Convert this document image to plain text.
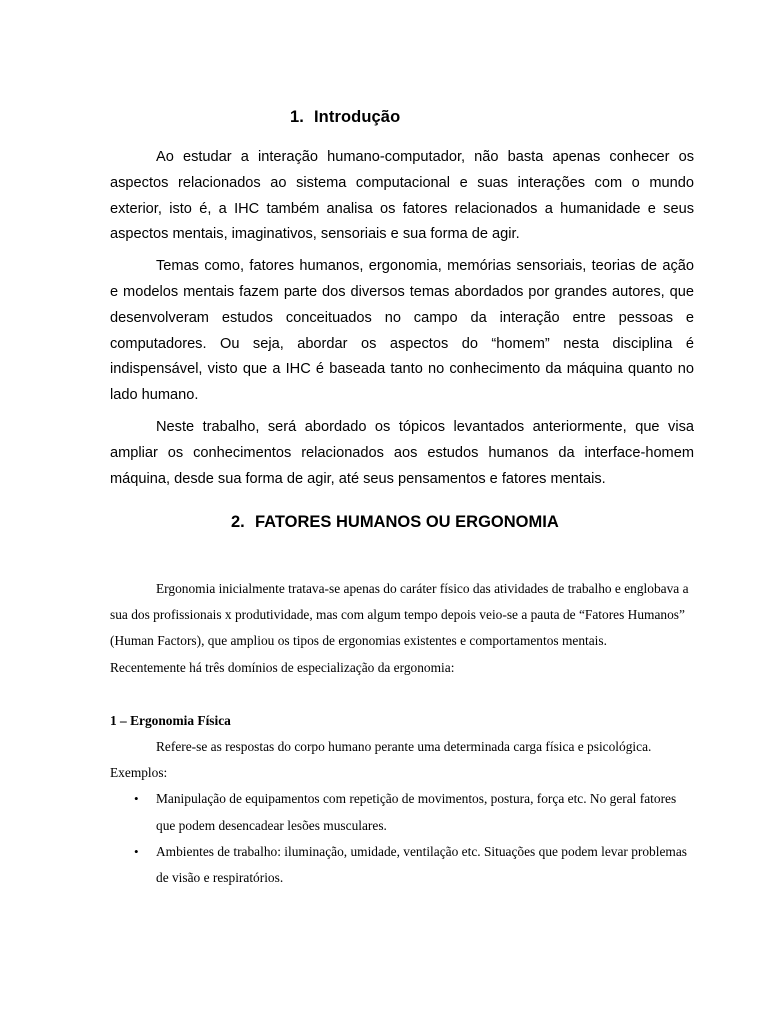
1. Introdução

Ao estudar a interação humano-computador, não basta apenas conhecer os aspectos relacionados ao sistema computacional e suas interações com o mundo exterior, isto é, a IHC também analisa os fatores relacionados a humanidade e seus aspectos mentais, imaginativos, sensoriais e sua forma de agir.

Temas como, fatores humanos, ergonomia, memórias sensoriais, teorias de ação e modelos mentais fazem parte dos diversos temas abordados por grandes autores, que desenvolveram estudos conceituados no campo da interação entre pessoas e computadores. Ou seja, abordar os aspectos do “homem” nesta disciplina é indispensável, visto que a IHC é baseada tanto no conhecimento da máquina quanto no lado humano.

Neste trabalho, será abordado os tópicos levantados anteriormente, que visa ampliar os conhecimentos relacionados aos estudos humanos da interface-homem máquina, desde sua forma de agir, até seus pensamentos e fatores mentais.

2. FATORES HUMANOS OU ERGONOMIA

Ergonomia inicialmente tratava-se apenas do caráter físico das atividades de trabalho e englobava a sua dos profissionais x produtividade, mas com algum tempo depois veio-se a pauta de “Fatores Humanos” (Human Factors), que ampliou os tipos de ergonomias existentes e comportamentos mentais.

Recentemente há três domínios de especialização da ergonomia:

1 – Ergonomia Física

Refere-se as respostas do corpo humano perante uma determinada carga física e psicológica.

Exemplos:

• Manipulação de equipamentos com repetição de movimentos, postura, força etc. No geral fatores que podem desencadear lesões musculares.
• Ambientes de trabalho: iluminação, umidade, ventilação etc. Situações que podem levar problemas de visão e respiratórios.
